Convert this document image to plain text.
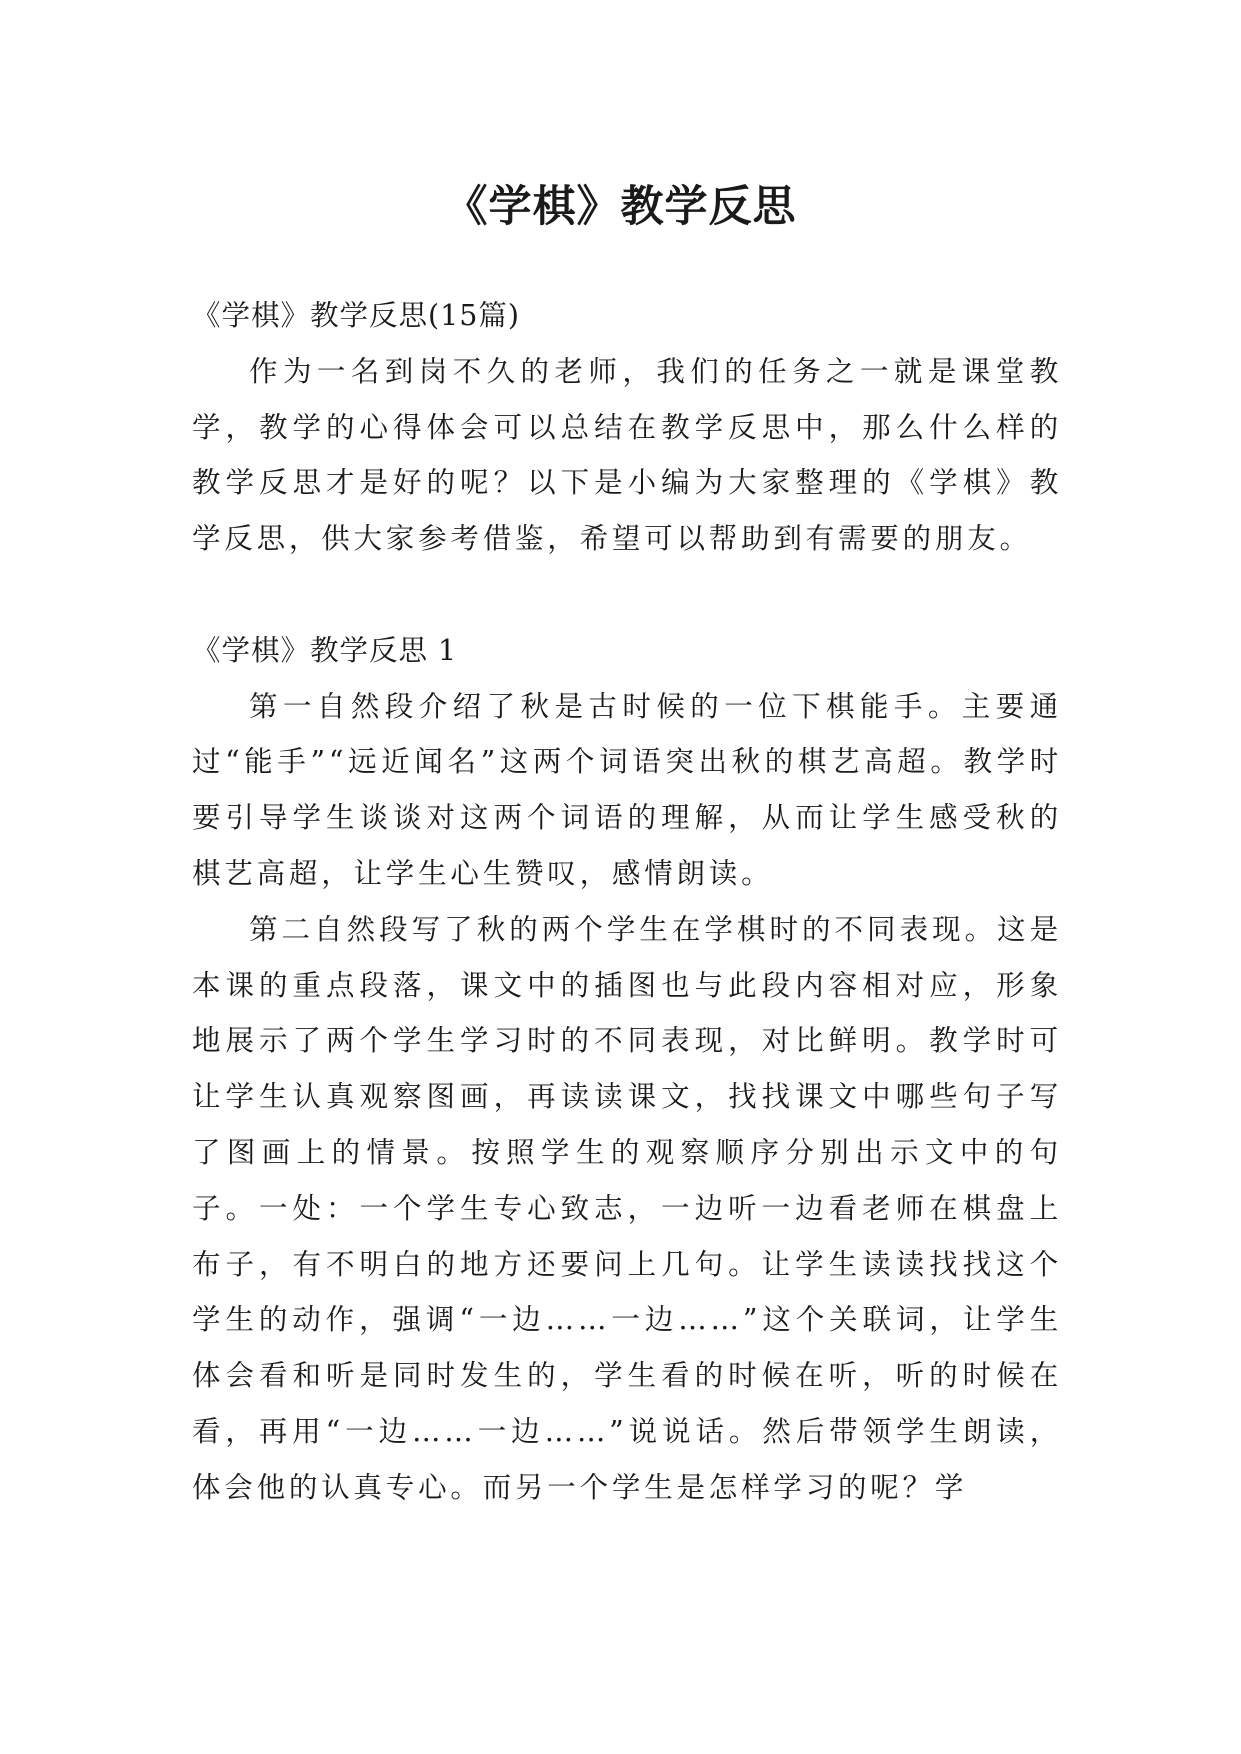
《学棋》教学反思

《学棋》教学反思(15篇)

作为一名到岗不久的老师，我们的任务之一就是课堂教学，教学的心得体会可以总结在教学反思中，那么什么样的教学反思才是好的呢？以下是小编为大家整理的《学棋》教学反思，供大家参考借鉴，希望可以帮助到有需要的朋友。

《学棋》教学反思 1

第一自然段介绍了秋是古时候的一位下棋能手。主要通过“能手”“远近闻名”这两个词语突出秋的棋艺高超。教学时要引导学生谈谈对这两个词语的理解，从而让学生感受秋的棋艺高超，让学生心生赞叹，感情朗读。

第二自然段写了秋的两个学生在学棋时的不同表现。这是本课的重点段落，课文中的插图也与此段内容相对应，形象地展示了两个学生学习时的不同表现，对比鲜明。教学时可让学生认真观察图画，再读读课文，找找课文中哪些句子写了图画上的情景。按照学生的观察顺序分别出示文中的句子。一处：一个学生专心致志，一边听一边看老师在棋盘上布子，有不明白的地方还要问上几句。让学生读读找找这个学生的动作，强调“一边……一边……”这个关联词，让学生体会看和听是同时发生的，学生看的时候在听，听的时候在看，再用“一边……一边……”说说话。然后带领学生朗读，体会他的认真专心。而另一个学生是怎样学习的呢？学
